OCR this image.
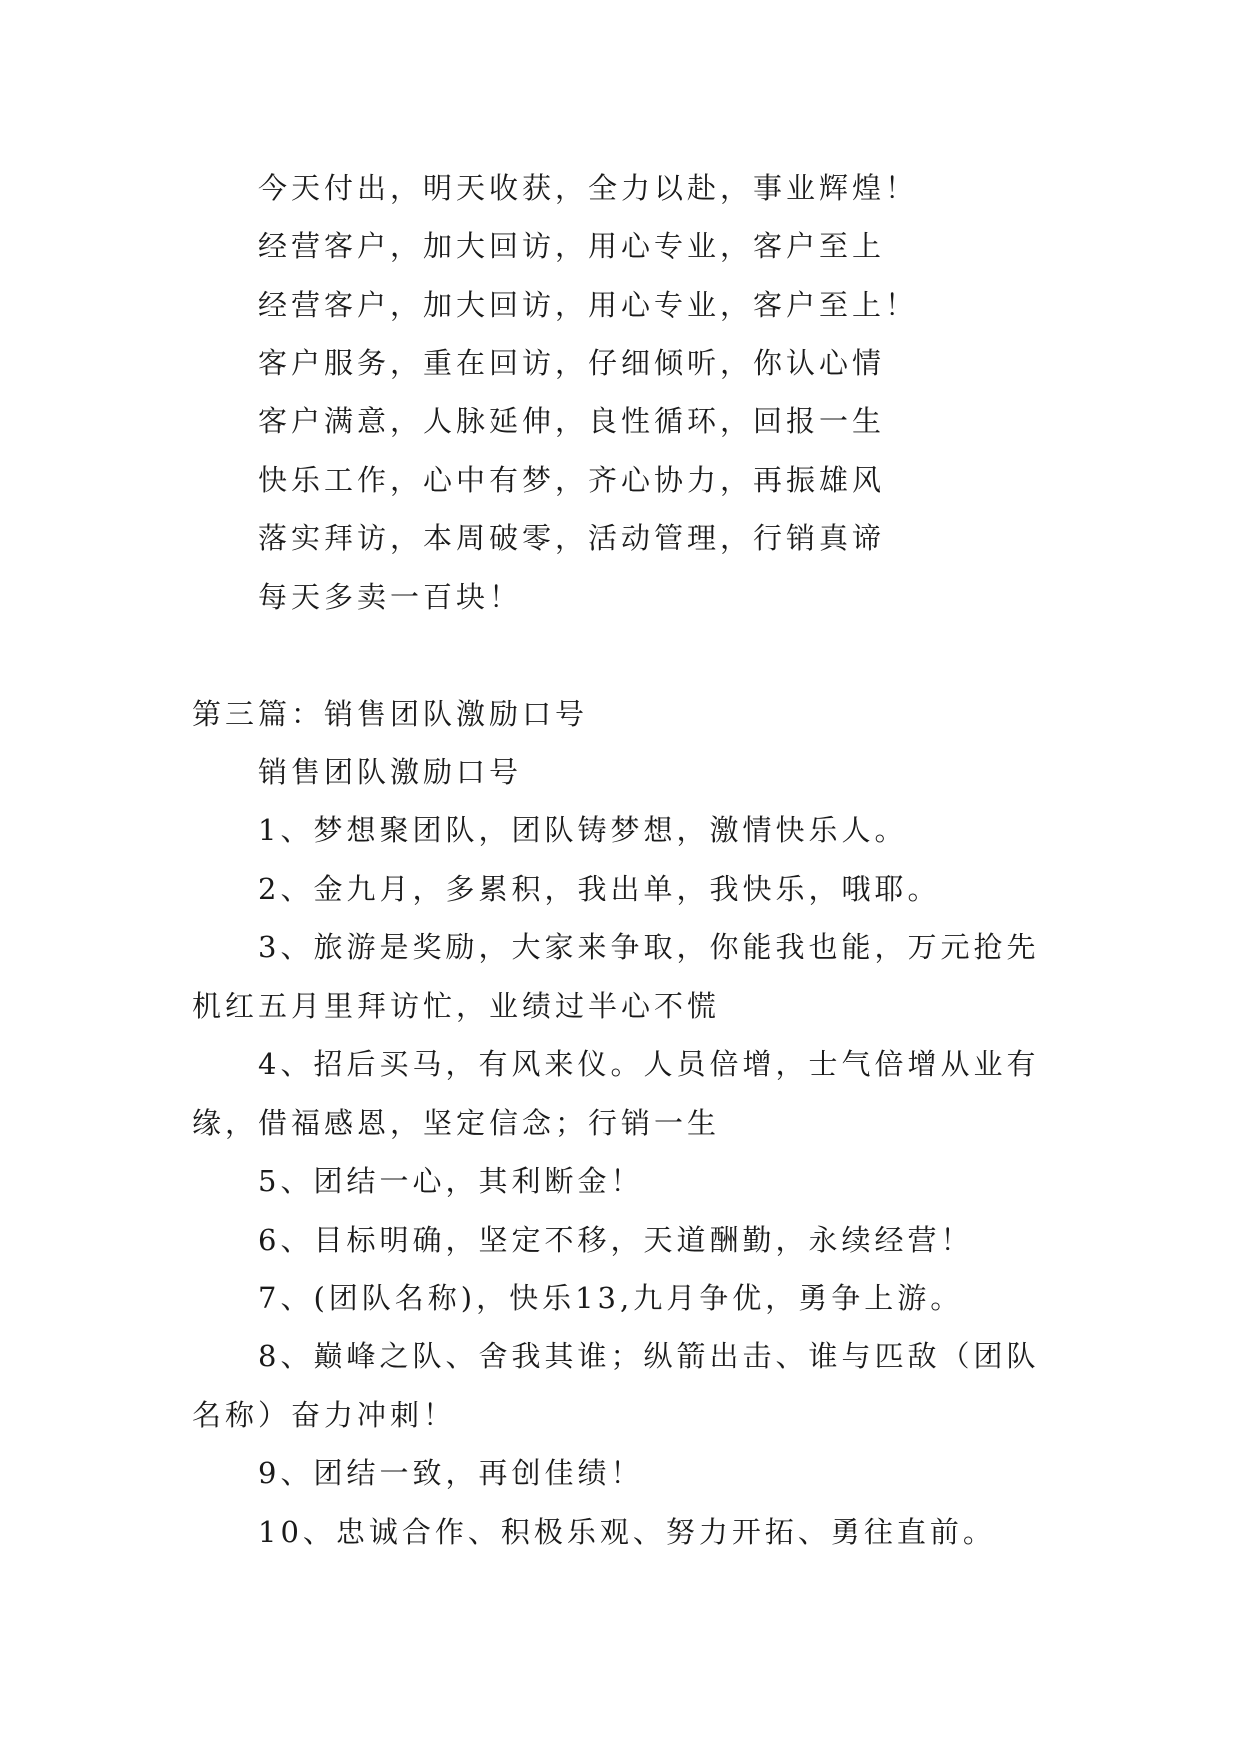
今天付出，明天收获，全力以赴，事业辉煌！
经营客户，加大回访，用心专业，客户至上
经营客户，加大回访，用心专业，客户至上！
客户服务，重在回访，仔细倾听，你认心情
客户满意，人脉延伸，良性循环，回报一生
快乐工作，心中有梦，齐心协力，再振雄风
落实拜访，本周破零，活动管理，行销真谛
每天多卖一百块！
第三篇：销售团队激励口号
销售团队激励口号
1、梦想聚团队，团队铸梦想，激情快乐人。
2、金九月，多累积，我出单，我快乐，哦耶。
3、旅游是奖励，大家来争取，你能我也能，万元抢先
机红五月里拜访忙，业绩过半心不慌
4、招后买马，有风来仪。人员倍增，士气倍增从业有
缘，借福感恩，坚定信念；行销一生
5、团结一心，其利断金！
6、目标明确，坚定不移，天道酬勤，永续经营！
7、(团队名称)，快乐13,九月争优，勇争上游。
8、巅峰之队、舍我其谁；纵箭出击、谁与匹敌（团队
名称）奋力冲刺！
9、团结一致，再创佳绩！
10、忠诚合作、积极乐观、努力开拓、勇往直前。
